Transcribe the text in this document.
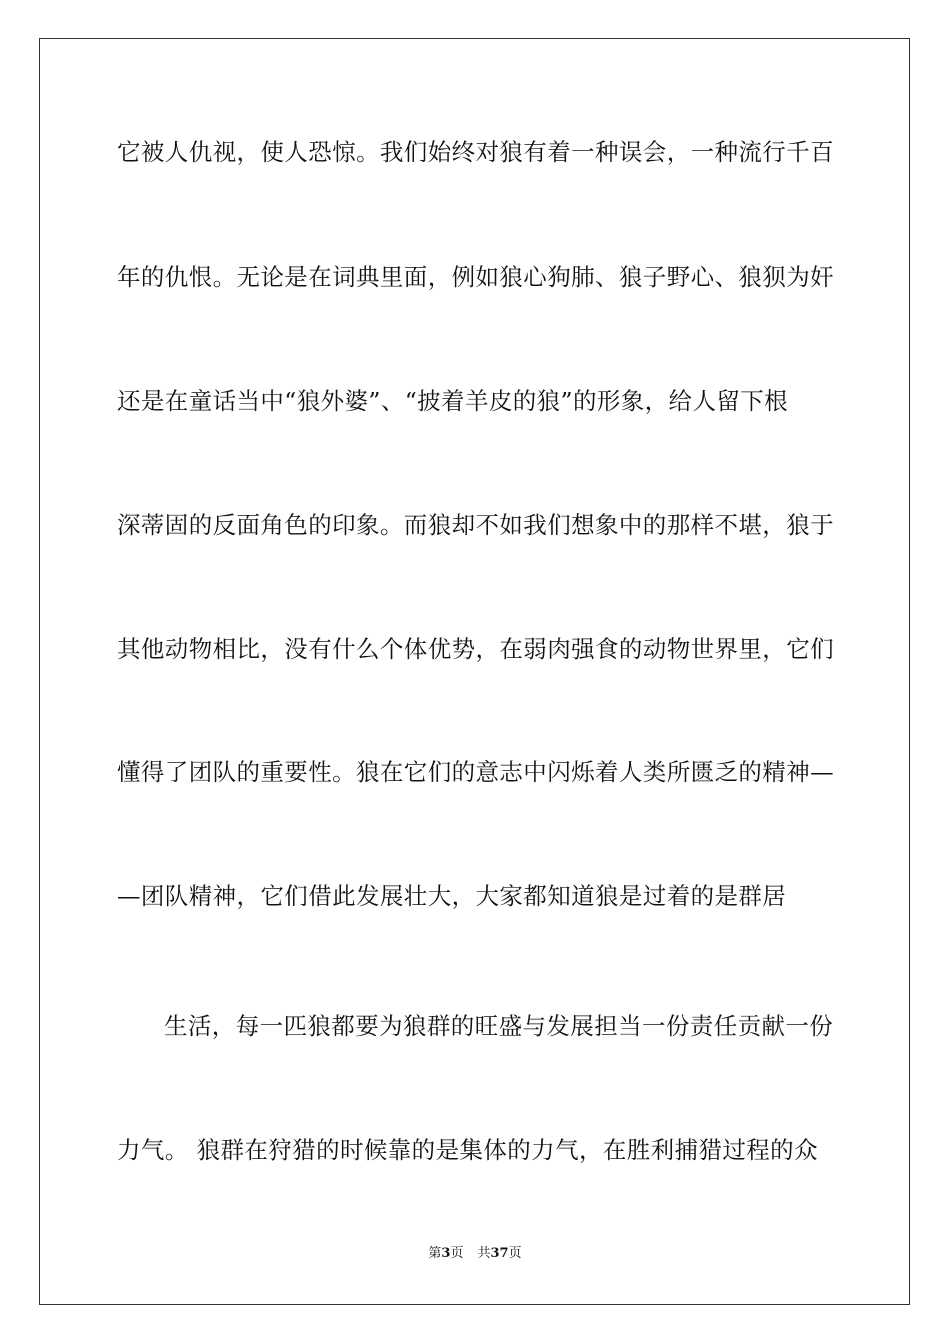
它被人仇视，使人恐惊。我们始终对狼有着一种误会，一种流行千百
年的仇恨。无论是在词典里面，例如狼心狗肺、狼子野心、狼狈为奸
还是在童话当中“狼外婆”、“披着羊皮的狼”的形象，给人留下根
深蒂固的反面角色的印象。而狼却不如我们想象中的那样不堪，狼于
其他动物相比，没有什么个体优势，在弱肉强食的动物世界里，它们
懂得了团队的重要性。狼在它们的意志中闪烁着人类所匮乏的精神—
—团队精神，它们借此发展壮大，大家都知道狼是过着的是群居
生活，每一匹狼都要为狼群的旺盛与发展担当一份责任贡献一份
力气。 狼群在狩猎的时候靠的是集体的力气，在胜利捕猎过程的众
第3页 共37页
